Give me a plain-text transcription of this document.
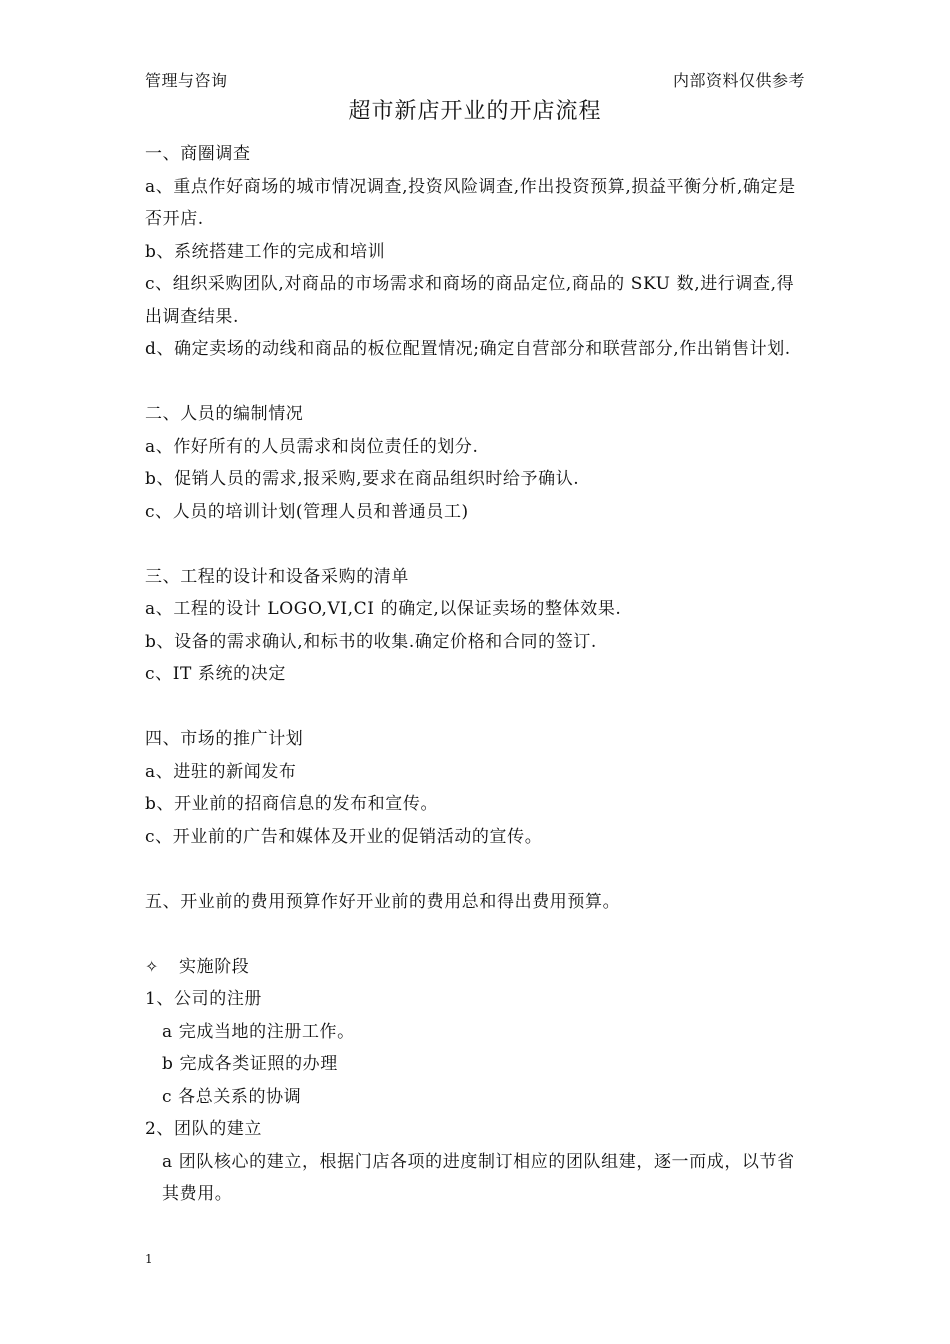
管理与咨询	内部资料仅供参考
超市新店开业的开店流程

一、商圈调查

a、重点作好商场的城市情况调查,投资风险调查,作出投资预算,损益平衡分析,确定是否开店.

b、系统搭建工作的完成和培训

c、组织采购团队,对商品的市场需求和商场的商品定位,商品的 SKU 数,进行调查,得出调查结果.

d、确定卖场的动线和商品的板位配置情况;确定自营部分和联营部分,作出销售计划.

二、人员的编制情况

a、作好所有的人员需求和岗位责任的划分.

b、促销人员的需求,报采购,要求在商品组织时给予确认.

c、人员的培训计划(管理人员和普通员工)

三、工程的设计和设备采购的清单

a、工程的设计 LOGO,VI,CI 的确定,以保证卖场的整体效果.

b、设备的需求确认,和标书的收集.确定价格和合同的签订.

c、IT 系统的决定

四、市场的推广计划

a、进驻的新闻发布

b、开业前的招商信息的发布和宣传。

c、开业前的广告和媒体及开业的促销活动的宣传。

五、开业前的费用预算作好开业前的费用总和得出费用预算。

✧ 实施阶段

1、公司的注册

a 完成当地的注册工作。

b 完成各类证照的办理

c 各总关系的协调

2、团队的建立

a 团队核心的建立，根据门店各项的进度制订相应的团队组建，逐一而成，以节省其费用。

1
